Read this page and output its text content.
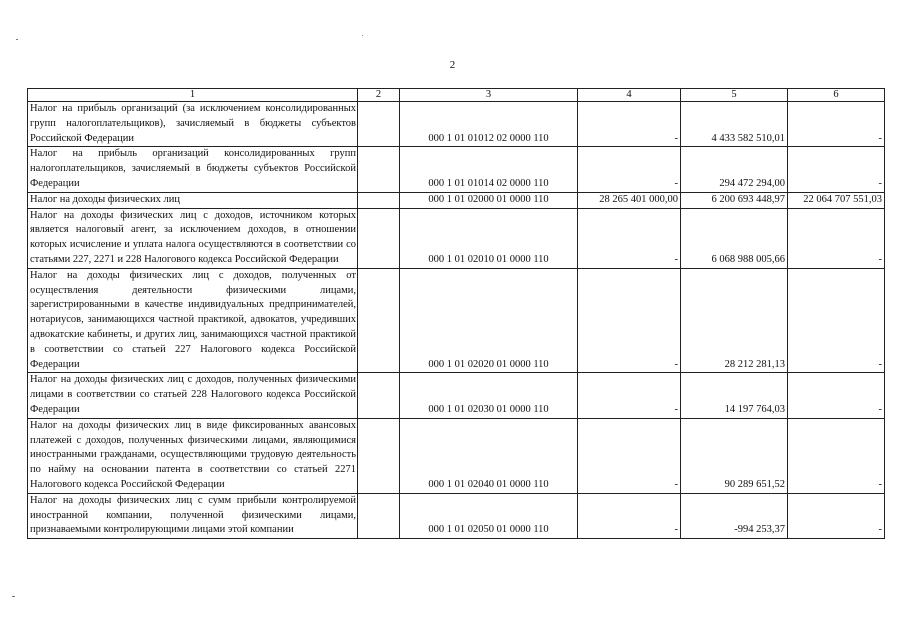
2
1	2	3	4	5	6
Налог на прибыль организаций (за исключением консолидированных групп налогоплательщиков), зачисляемый в бюджеты субъектов Российской Федерации		000 1 01 01012 02 0000 110	-	4 433 582 510,01	-
Налог на прибыль организаций консолидированных групп налогоплательщиков, зачисляемый в бюджеты субъектов Российской Федерации		000 1 01 01014 02 0000 110	-	294 472 294,00	-
Налог на доходы физических лиц		000 1 01 02000 01 0000 110	28 265 401 000,00	6 200 693 448,97	22 064 707 551,03
Налог на доходы физических лиц с доходов, источником которых является налоговый агент, за исключением доходов, в отношении которых исчисление и уплата налога осуществляются в соответствии со статьями 227, 2271 и 228 Налогового кодекса Российской Федерации		000 1 01 02010 01 0000 110	-	6 068 988 005,66	-
Налог на доходы физических лиц с доходов, полученных от осуществления деятельности физическими лицами, зарегистрированными в качестве индивидуальных предпринимателей, нотариусов, занимающихся частной практикой, адвокатов, учредивших адвокатские кабинеты, и других лиц, занимающихся частной практикой в соответствии со статьей 227 Налогового кодекса Российской Федерации		000 1 01 02020 01 0000 110	-	28 212 281,13	-
Налог на доходы физических лиц с доходов, полученных физическими лицами в соответствии со статьей 228 Налогового кодекса Российской Федерации		000 1 01 02030 01 0000 110	-	14 197 764,03	-
Налог на доходы физических лиц в виде фиксированных авансовых платежей с доходов, полученных физическими лицами, являющимися иностранными гражданами, осуществляющими трудовую деятельность по найму на основании патента в соответствии со статьей 2271 Налогового кодекса Российской Федерации		000 1 01 02040 01 0000 110	-	90 289 651,52	-
Налог на доходы физических лиц с сумм прибыли контролируемой иностранной компании, полученной физическими лицами, признаваемыми контролирующими лицами этой компании		000 1 01 02050 01 0000 110	-	-994 253,37	-
